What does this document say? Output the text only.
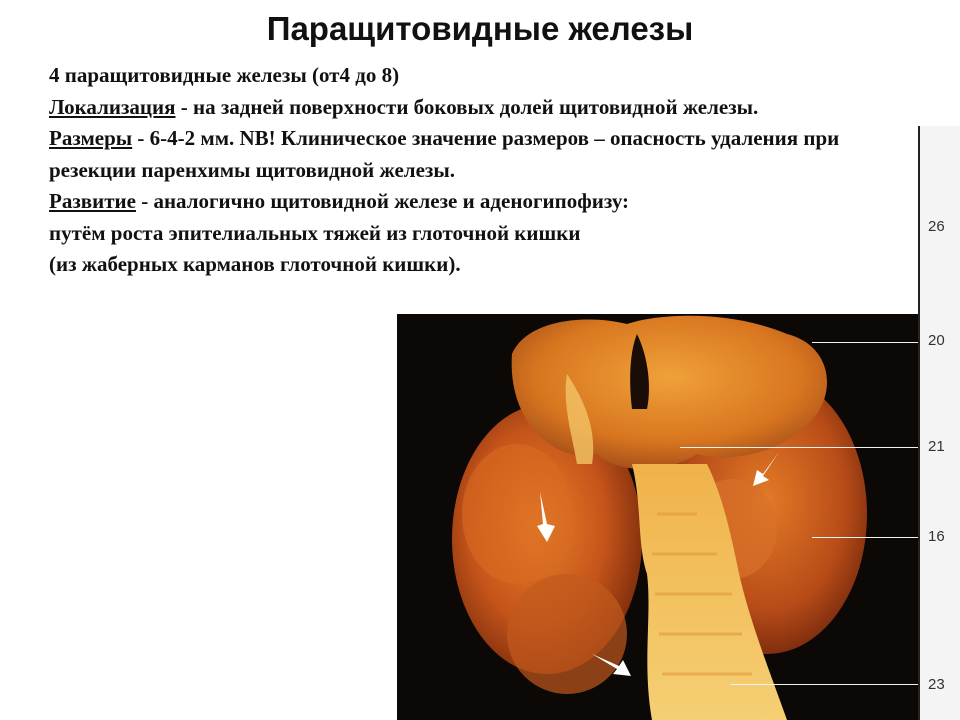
Паращитовидные железы

4 паращитовидные железы (от4 до 8)

Локализация - на задней поверхности боковых долей щитовидной железы.

Размеры - 6-4-2 мм. NB! Клиническое значение размеров – опасность удаления при резекции паренхимы щитовидной железы.

Развитие - аналогично щитовидной железе и аденогипофизу:

путём роста эпителиальных тяжей из глоточной кишки

(из жаберных карманов глоточной кишки).

26
20
21
16
23
